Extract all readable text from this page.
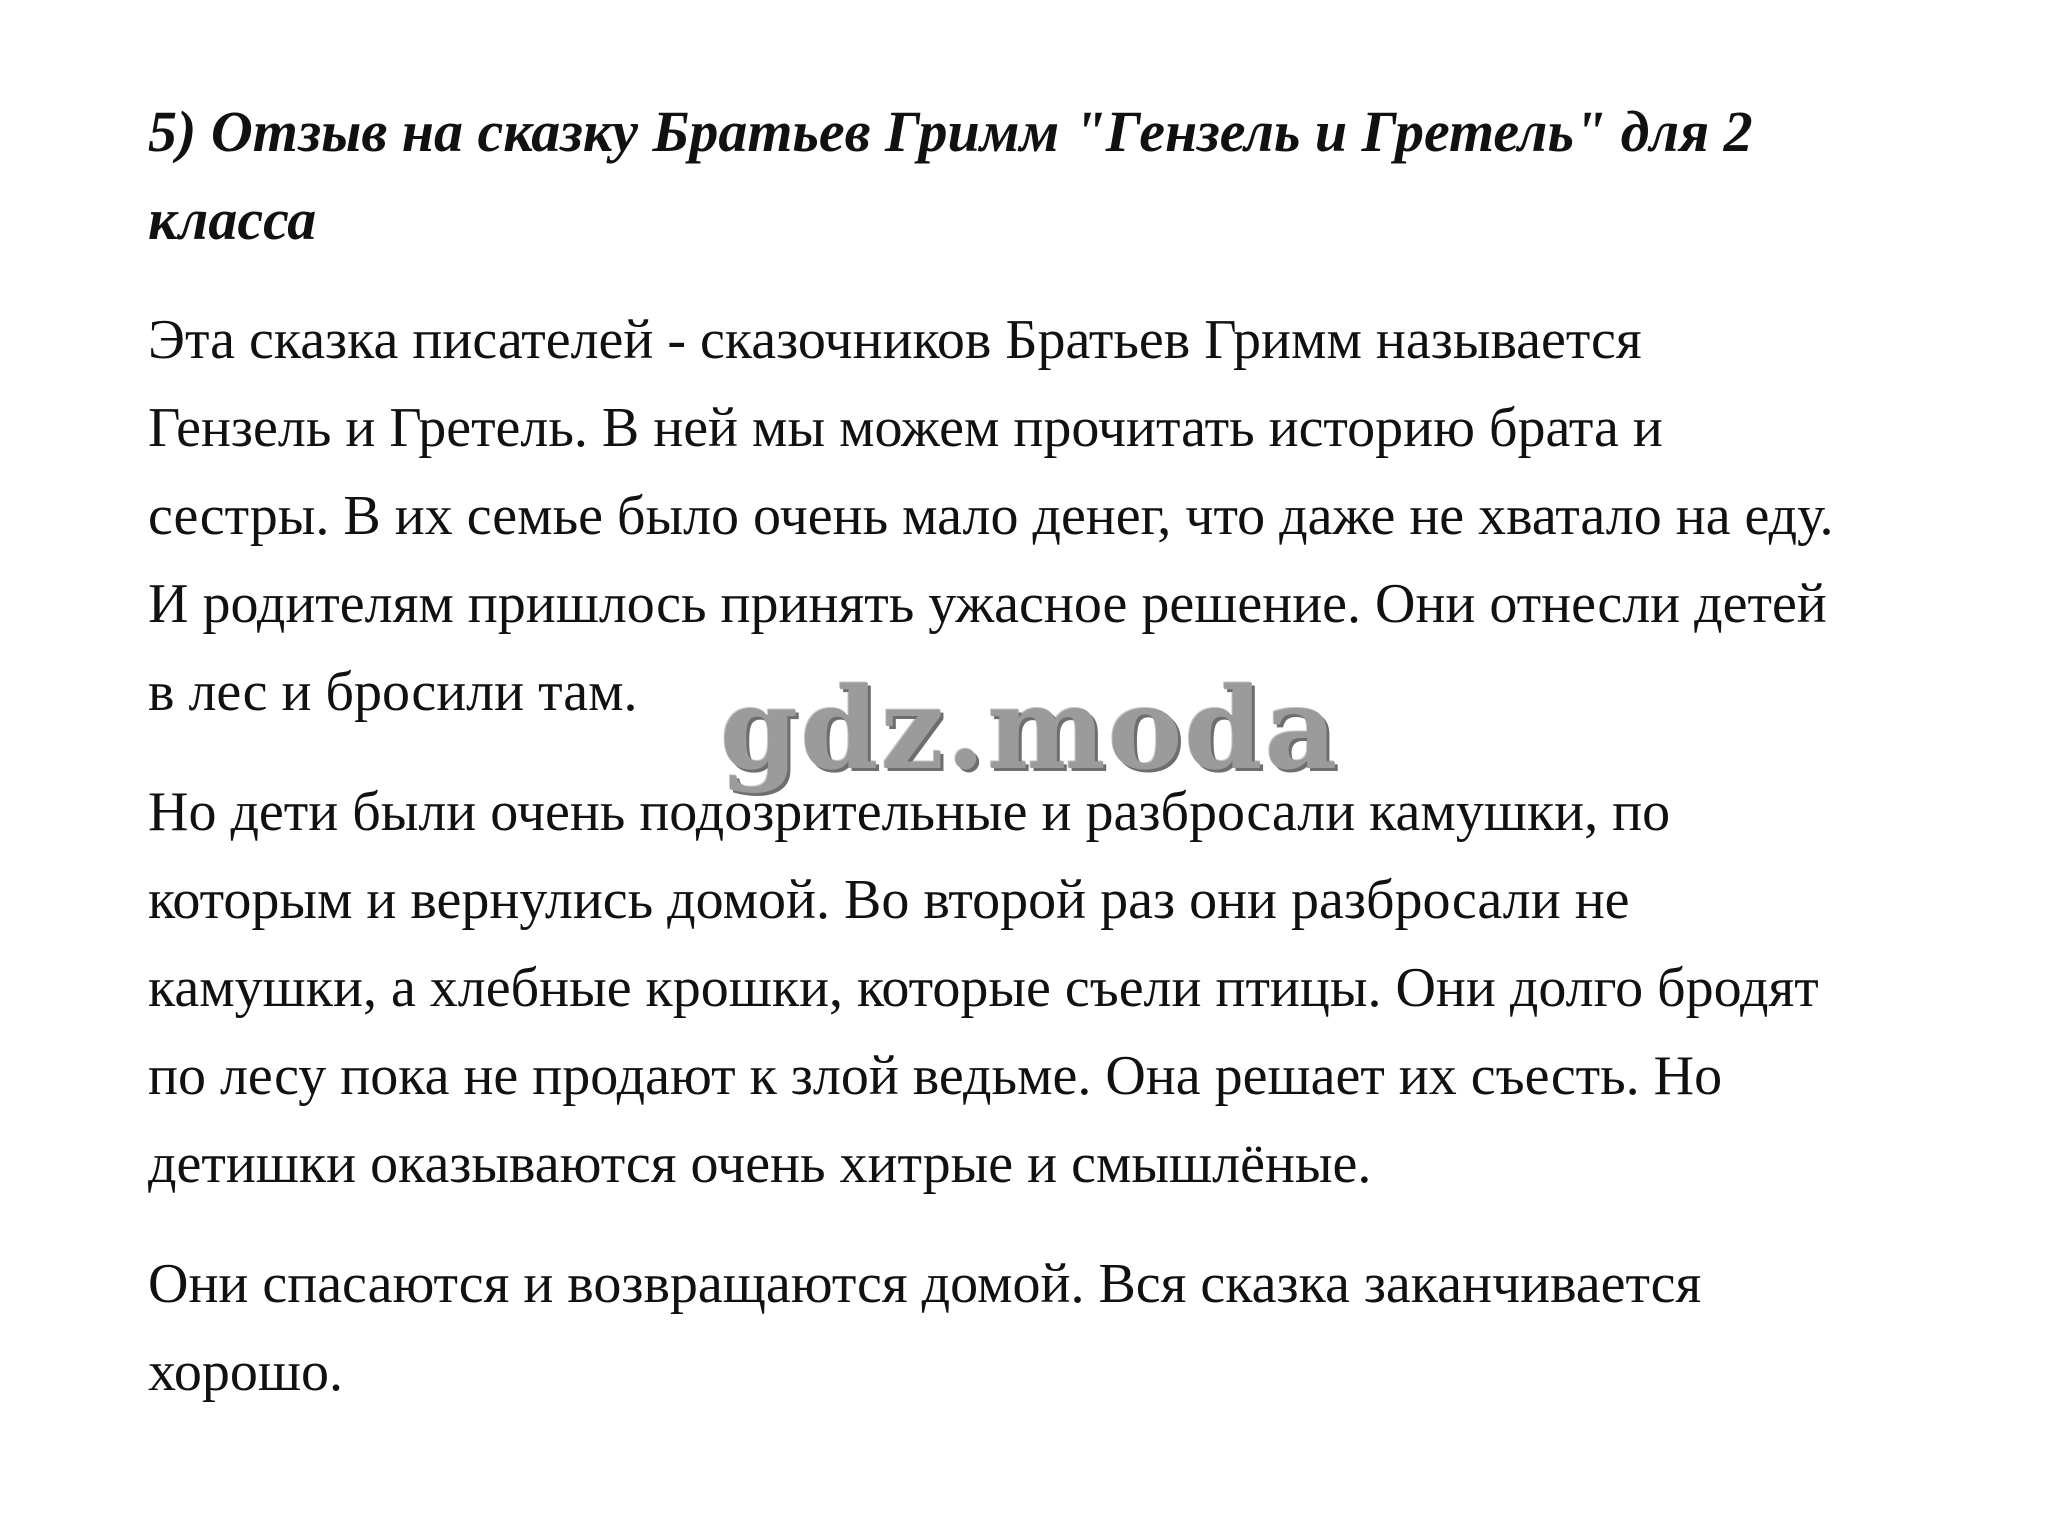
5) Отзыв на сказку Братьев Гримм "Гензель и Гретель" для 2
класса

Эта сказка писателей - сказочников Братьев Гримм называется
Гензель и Гретель. В ней мы можем прочитать историю брата и
сестры. В их семье было очень мало денег, что даже не хватало на еду.
И родителям пришлось принять ужасное решение. Они отнесли детей
в лес и бросили там.

Но дети были очень подозрительные и разбросали камушки, по
которым и вернулись домой. Во второй раз они разбросали не
камушки, а хлебные крошки, которые съели птицы. Они долго бродят
по лесу пока не продают к злой ведьме. Она решает их съесть. Но
детишки оказываются очень хитрые и смышлёные.

Они спасаются и возвращаются домой. Вся сказка заканчивается
хорошо.

gdz.moda
